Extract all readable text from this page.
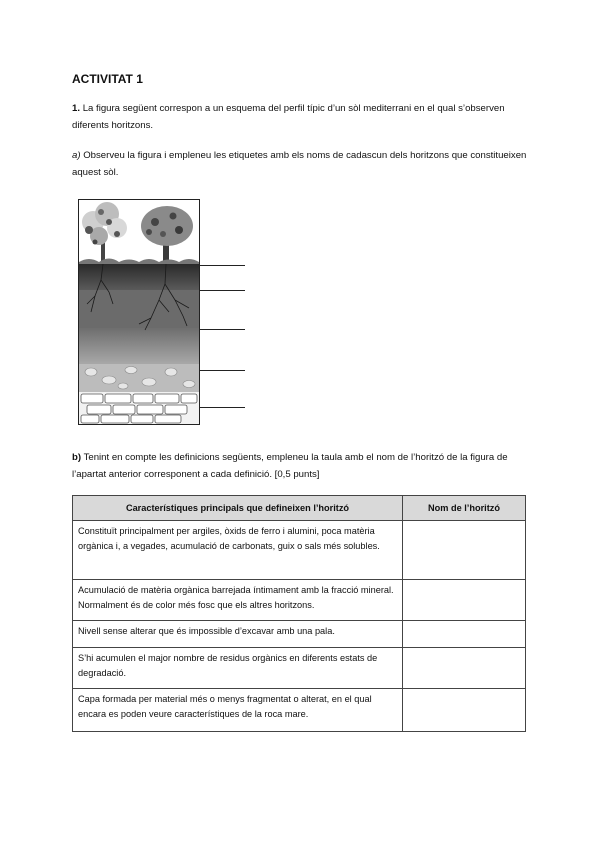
ACTIVITAT 1
1. La figura següent correspon a un esquema del perfil típic d’un sòl mediterrani en el qual s’observen diferents horitzons.
a) Observeu la figura i empleneu les etiquetes amb els noms de cadascun dels horitzons que constitueixen aquest sòl.
b) Tenint en compte les definicions següents, empleneu la taula amb el nom de l’horitzó de la figura de l’apartat anterior corresponent a cada definició. [0,5 punts]
Característiques principals que defineixen l’horitzó	Nom de l’horitzó
Constituït principalment per argiles, òxids de ferro i alumini, poca matèria orgànica i, a vegades, acumulació de carbonats, guix o sals més solubles.	
Acumulació de matèria orgànica barrejada íntimament amb la fracció mineral. Normalment és de color més fosc que els altres horitzons.	
Nivell sense alterar que és impossible d’excavar amb una pala.	
S’hi acumulen el major nombre de residus orgànics en diferents estats de degradació.	
Capa formada per material més o menys fragmentat o alterat, en el qual encara es poden veure característiques de la roca mare.	
